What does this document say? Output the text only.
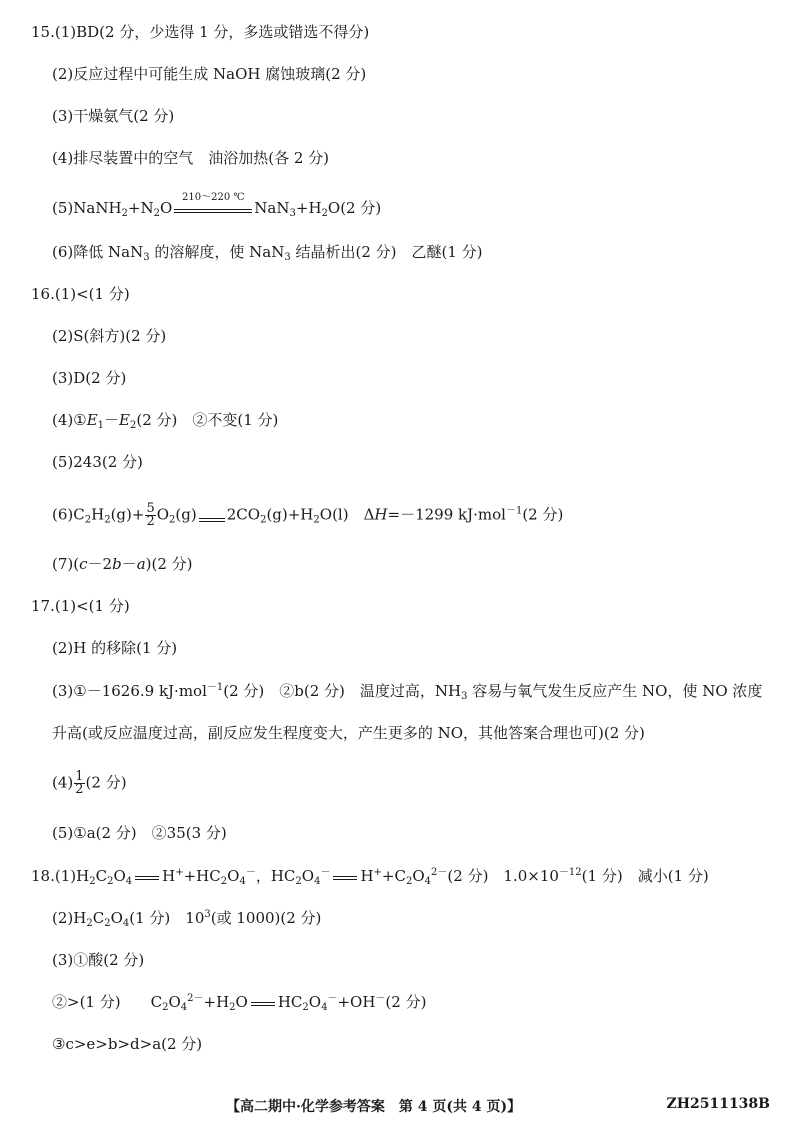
15.(1)BD(2 分，少选得 1 分，多选或错选不得分)
(2)反应过程中可能生成 NaOH 腐蚀玻璃(2 分)
(3)干燥氨气(2 分)
(4)排尽装置中的空气　油浴加热(各 2 分)
$(5)NaNH_2+N_2O$
210～220 ℃
$NaN_3+H_2O(2$ 分)
(6)降低 NaN$_3$ 的溶解度，使 NaN$_3$ 结晶析出(2 分)　乙醚(1 分)
16.(1)<(1 分)
(2)S(斜方)(2 分)
(3)D(2 分)
$(4)①E_1-E_2(2$ 分)　②不变(1 分)
(5)243(2 分)
$(6)C_2H_2(g)+ \frac{5}{2} O_2(g)$ $2CO_2(g)+H_2O(l)$　ΔH=－1299 kJ·mol$^{-1}$(2 分)
(7)(c－2b－a)(2 分)
17.(1)<(1 分)
(2)H 的移除(1 分)
(3)①－1626.9 kJ·mol$^{-1}$(2 分)　②b(2 分)　温度过高，$NH_3$ 容易与氧气发生反应产生 NO，使 NO 浓度
升高(或反应温度过高，副反应发生程度变大，产生更多的 NO，其他答案合理也可)(2 分)
$(4) \frac{1}{2} (2$ 分)
(5)①a(2 分)　②35(3 分)
$18.(1)H_2C_2O_4$ $H^++HC_2O_4^-$，$HC_2O_4^-$ $H^++C_2O_4^{2-}(2$ 分)　$1.0\times 10^{-12}(1$ 分)　减小(1 分)
$(2)H_2C_2O_4(1$ 分)　$10^3$(或 1000)(2 分)
(3)①酸(2 分)
②>(1 分)　　$C_2O_4^{2-}+H_2O$ $HC_2O_4^-+OH^-(2$ 分)
③c>e>b>d>a(2 分)
【高二期中·化学参考答案　第 4 页(共 4 页)】	ZH2511138B
